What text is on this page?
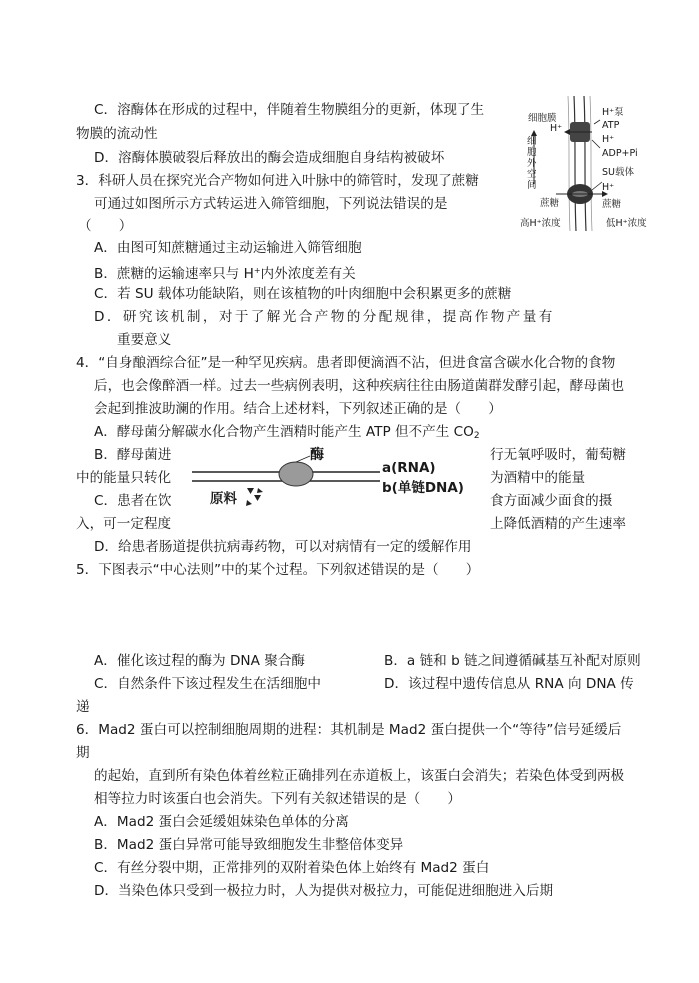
C．溶酶体在形成的过程中，伴随着生物膜组分的更新，体现了生
物膜的流动性
D．溶酶体膜破裂后释放出的酶会造成细胞自身结构被破坏
3．科研人员在探究光合产物如何进入叶脉中的筛管时，发现了蔗糖
可通过如图所示方式转运进入筛管细胞，下列说法错误的是
（　　）
A．由图可知蔗糖通过主动运输进入筛管细胞
B．蔗糖的运输速率只与 H+内外浓度差有关
C．若 SU 载体功能缺陷，则在该植物的叶肉细胞中会积累更多的蔗糖
D．研究该机制，对于了解光合产物的分配规律，提高作物产量有
重要意义
细胞膜
H⁺泵
ATP
H⁺
H⁺
ADP+Pi
细胞外空间
SU载体
H⁺
蔗糖	蔗糖
高H⁺浓度	低H⁺浓度
4．“自身酿酒综合征”是一种罕见疾病。患者即便滴酒不沾，但进食富含碳水化合物的食物
后，也会像醉酒一样。过去一些病例表明，这种疾病往往由肠道菌群发酵引起，酵母菌也
会起到推波助澜的作用。结合上述材料，下列叙述正确的是（　　）
A．酵母菌分解碳水化合物产生酒精时能产生 ATP 但不产生 $CO_2$
B．酵母菌进	行无氧呼吸时，葡萄糖
中的能量只转化	为酒精中的能量
C．患者在饮	食方面减少面食的摄
入，可一定程度	上降低酒精的产生速率
D．给患者肠道提供抗病毒药物，可以对病情有一定的缓解作用
酶
a(RNA)
b(单链DNA)
原料
5．下图表示“中心法则”中的某个过程。下列叙述错误的是（　　）
A．催化该过程的酶为 DNA 聚合酶	B．a 链和 b 链之间遵循碱基互补配对原则
C．自然条件下该过程发生在活细胞中	D．该过程中遗传信息从 RNA 向 DNA 传
递
6．Mad2 蛋白可以控制细胞周期的进程：其机制是 Mad2 蛋白提供一个“等待”信号延缓后
期
的起始，直到所有染色体着丝粒正确排列在赤道板上，该蛋白会消失；若染色体受到两极
相等拉力时该蛋白也会消失。下列有关叙述错误的是（　　）
A．Mad2 蛋白会延缓姐妹染色单体的分离
B．Mad2 蛋白异常可能导致细胞发生非整倍体变异
C．有丝分裂中期，正常排列的双附着染色体上始终有 Mad2 蛋白
D．当染色体只受到一极拉力时，人为提供对极拉力，可能促进细胞进入后期
